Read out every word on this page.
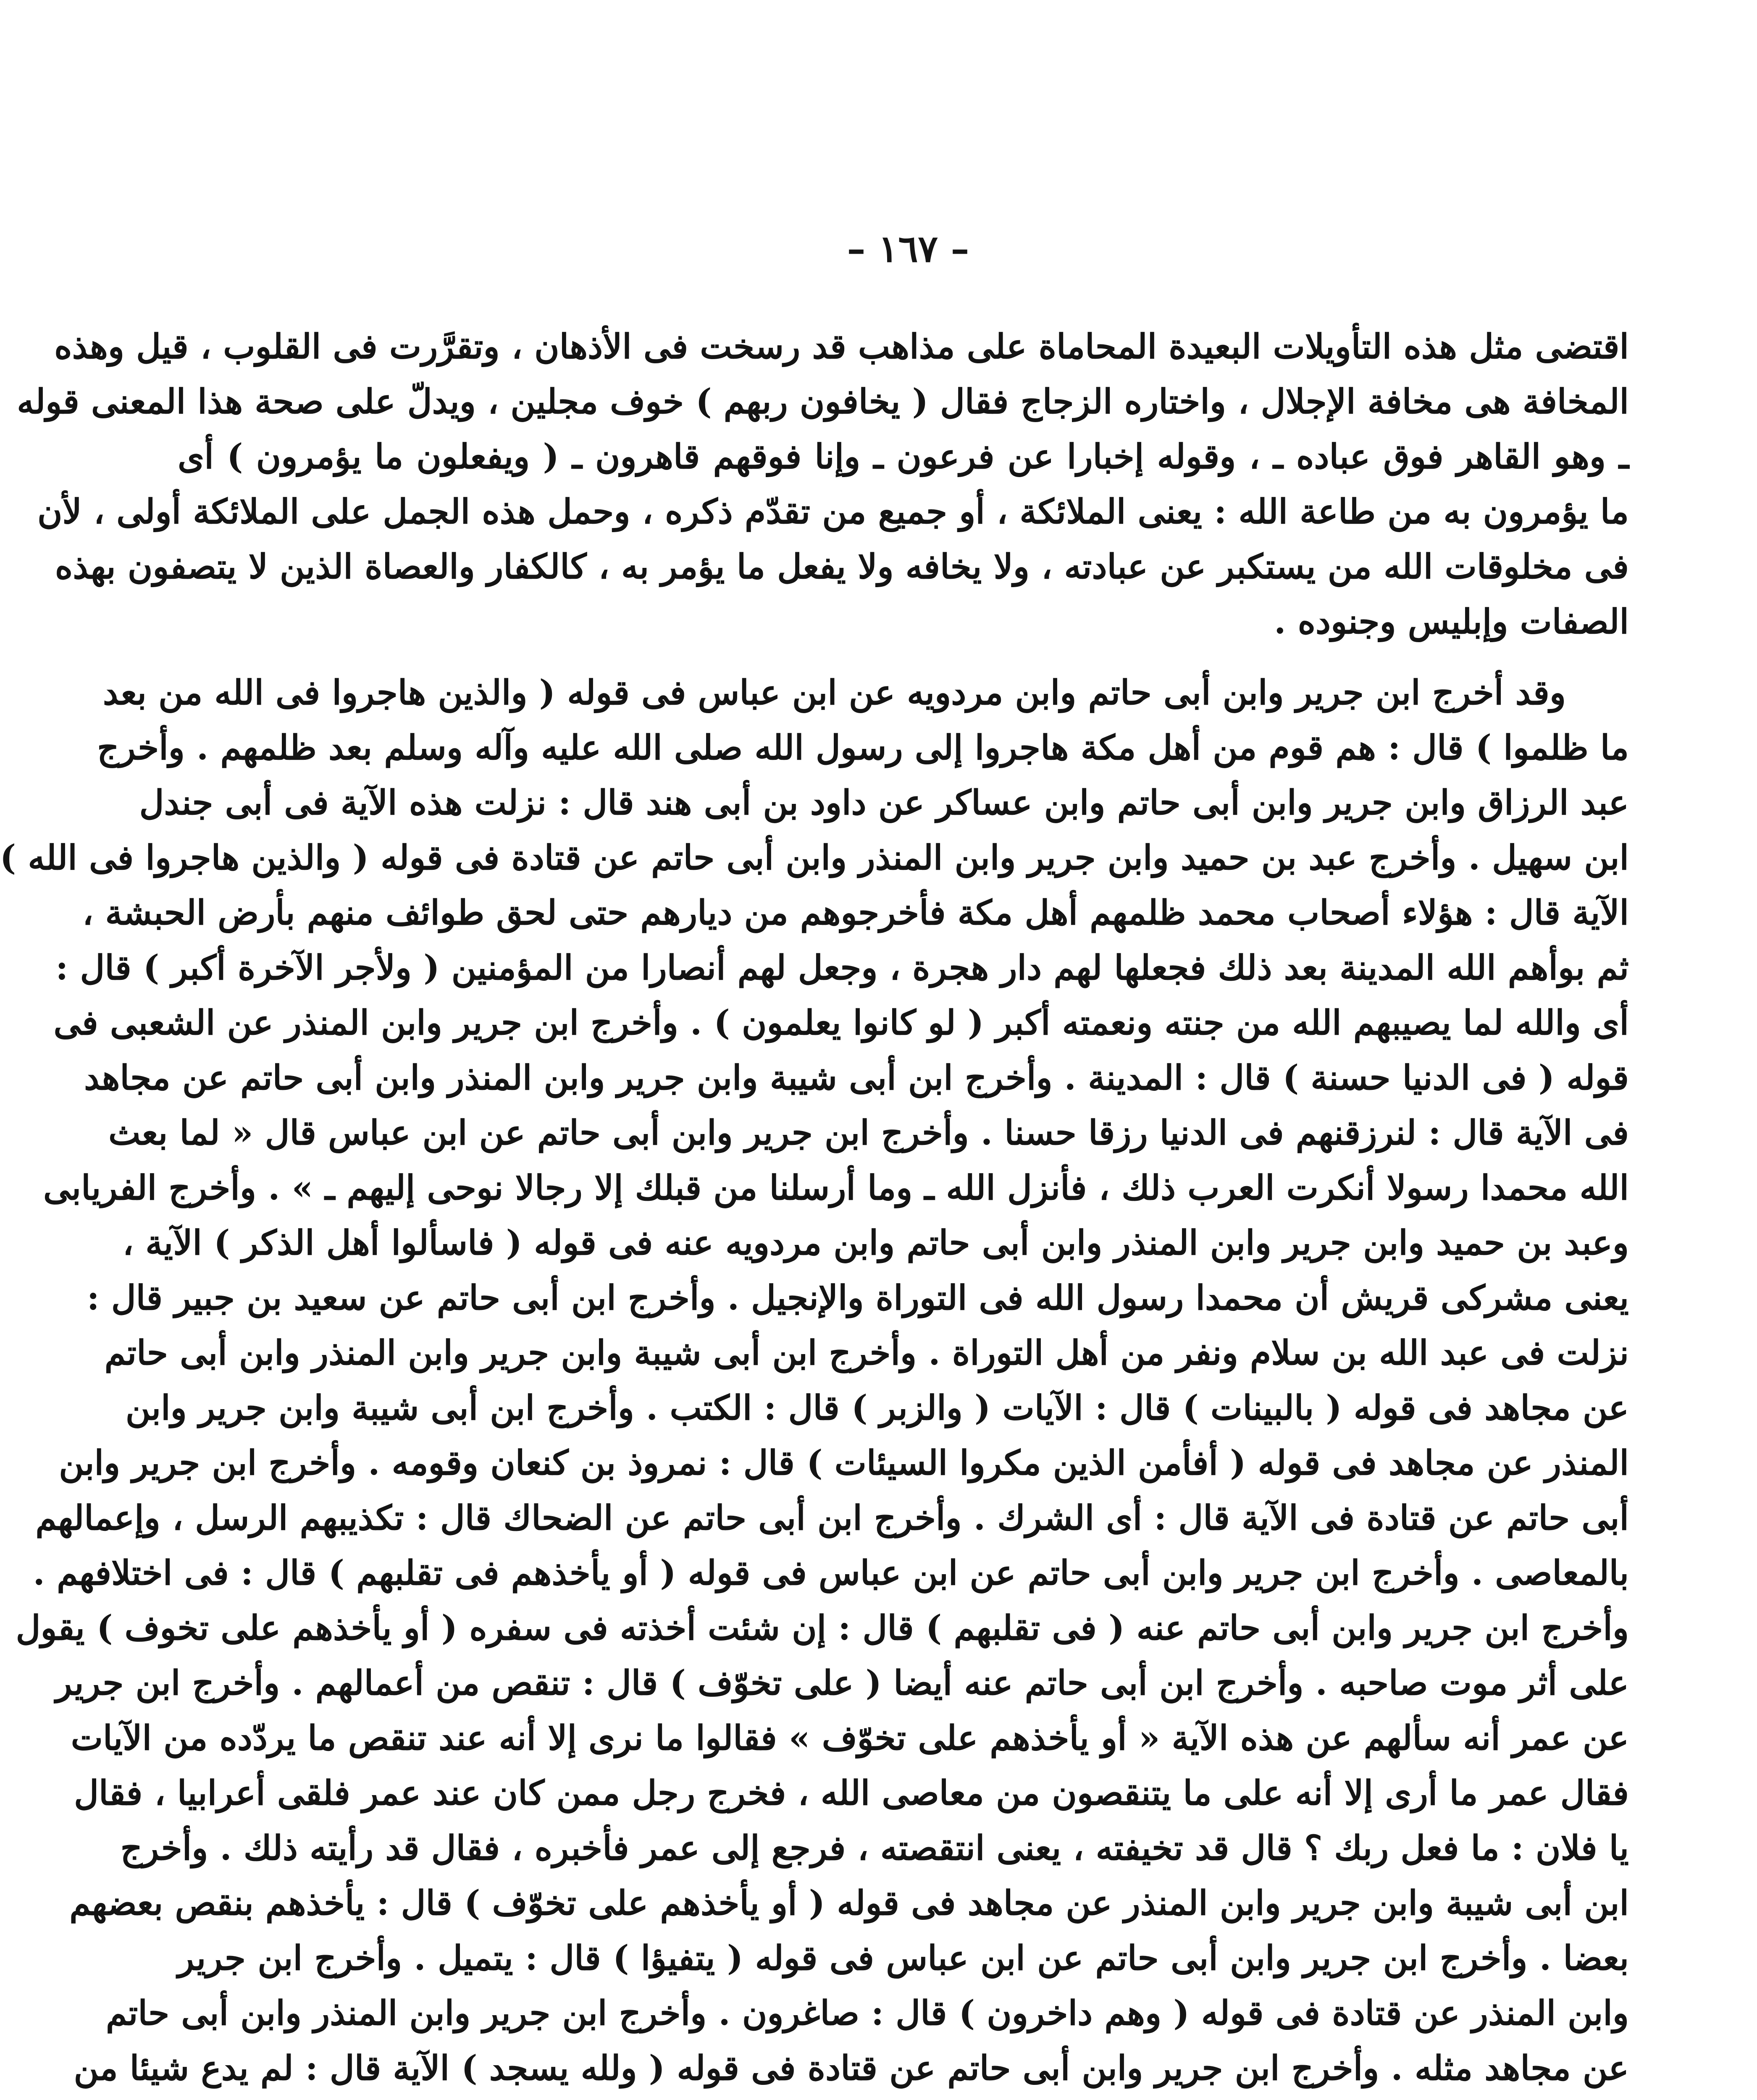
– ١٦٧ –
اقتضى مثل هذه التأويلات البعيدة المحاماة على مذاهب قد رسخت فى الأذهان ، وتقرَّرت فى القلوب ، قيل وهذه
المخافة هى مخافة الإجلال ، واختاره الزجاج فقال ( يخافون ربهم ) خوف مجلين ، ويدلّ على صحة هذا المعنى قوله
ـ وهو القاهر فوق عباده ـ ، وقوله إخبارا عن فرعون ـ وإنا فوقهم قاهرون ـ ( ويفعلون ما يؤمرون ) أى
ما يؤمرون به من طاعة الله : يعنى الملائكة ، أو جميع من تقدّم ذكره ، وحمل هذه الجمل على الملائكة أولى ، لأن
فى مخلوقات الله من يستكبر عن عبادته ، ولا يخافه ولا يفعل ما يؤمر به ، كالكفار والعصاة الذين لا يتصفون بهذه
الصفات وإبليس وجنوده .
وقد أخرج ابن جرير وابن أبى حاتم وابن مردويه عن ابن عباس فى قوله ( والذين هاجروا فى الله من بعد
ما ظلموا ) قال : هم قوم من أهل مكة هاجروا إلى رسول الله صلى الله عليه وآله وسلم بعد ظلمهم . وأخرج
عبد الرزاق وابن جرير وابن أبى حاتم وابن عساكر عن داود بن أبى هند قال : نزلت هذه الآية فى أبى جندل
ابن سهيل . وأخرج عبد بن حميد وابن جرير وابن المنذر وابن أبى حاتم عن قتادة فى قوله ( والذين هاجروا فى الله )
الآية قال : هؤلاء أصحاب محمد ظلمهم أهل مكة فأخرجوهم من ديارهم حتى لحق طوائف منهم بأرض الحبشة ،
ثم بوأهم الله المدينة بعد ذلك فجعلها لهم دار هجرة ، وجعل لهم أنصارا من المؤمنين ( ولأجر الآخرة أكبر ) قال :
أى والله لما يصيبهم الله من جنته ونعمته أكبر ( لو كانوا يعلمون ) . وأخرج ابن جرير وابن المنذر عن الشعبى فى
قوله ( فى الدنيا حسنة ) قال : المدينة . وأخرج ابن أبى شيبة وابن جرير وابن المنذر وابن أبى حاتم عن مجاهد
فى الآية قال : لنرزقنهم فى الدنيا رزقا حسنا . وأخرج ابن جرير وابن أبى حاتم عن ابن عباس قال « لما بعث
الله محمدا رسولا أنكرت العرب ذلك ، فأنزل الله ـ وما أرسلنا من قبلك إلا رجالا نوحى إليهم ـ » . وأخرج الفريابى
وعبد بن حميد وابن جرير وابن المنذر وابن أبى حاتم وابن مردويه عنه فى قوله ( فاسألوا أهل الذكر ) الآية ،
يعنى مشركى قريش أن محمدا رسول الله فى التوراة والإنجيل . وأخرج ابن أبى حاتم عن سعيد بن جبير قال :
نزلت فى عبد الله بن سلام ونفر من أهل التوراة . وأخرج ابن أبى شيبة وابن جرير وابن المنذر وابن أبى حاتم
عن مجاهد فى قوله ( بالبينات ) قال : الآيات ( والزبر ) قال : الكتب . وأخرج ابن أبى شيبة وابن جرير وابن
المنذر عن مجاهد فى قوله ( أفأمن الذين مكروا السيئات ) قال : نمروذ بن كنعان وقومه . وأخرج ابن جرير وابن
أبى حاتم عن قتادة فى الآية قال : أى الشرك . وأخرج ابن أبى حاتم عن الضحاك قال : تكذيبهم الرسل ، وإعمالهم
بالمعاصى . وأخرج ابن جرير وابن أبى حاتم عن ابن عباس فى قوله ( أو يأخذهم فى تقلبهم ) قال : فى اختلافهم .
وأخرج ابن جرير وابن أبى حاتم عنه ( فى تقلبهم ) قال : إن شئت أخذته فى سفره ( أو يأخذهم على تخوف ) يقول
على أثر موت صاحبه . وأخرج ابن أبى حاتم عنه أيضا ( على تخوّف ) قال : تنقص من أعمالهم . وأخرج ابن جرير
عن عمر أنه سألهم عن هذه الآية « أو يأخذهم على تخوّف » فقالوا ما نرى إلا أنه عند تنقص ما يردّده من الآيات
فقال عمر ما أرى إلا أنه على ما يتنقصون من معاصى الله ، فخرج رجل ممن كان عند عمر فلقى أعرابيا ، فقال
يا فلان : ما فعل ربك ؟ قال قد تخيفته ، يعنى انتقصته ، فرجع إلى عمر فأخبره ، فقال قد رأيته ذلك . وأخرج
ابن أبى شيبة وابن جرير وابن المنذر عن مجاهد فى قوله ( أو يأخذهم على تخوّف ) قال : يأخذهم بنقص بعضهم
بعضا . وأخرج ابن جرير وابن أبى حاتم عن ابن عباس فى قوله ( يتفيؤا ) قال : يتميل . وأخرج ابن جرير
وابن المنذر عن قتادة فى قوله ( وهم داخرون ) قال : صاغرون . وأخرج ابن جرير وابن المنذر وابن أبى حاتم
عن مجاهد مثله . وأخرج ابن جرير وابن أبى حاتم عن قتادة فى قوله ( ولله يسجد ) الآية قال : لم يدع شيئا من
